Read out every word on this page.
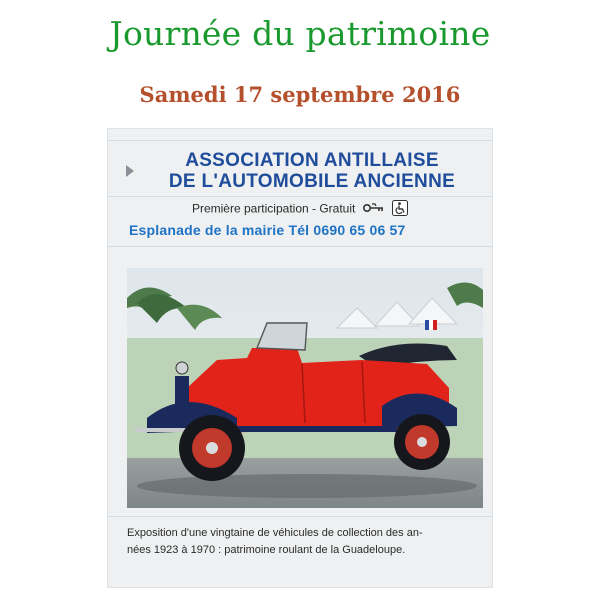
Journée du patrimoine
Samedi 17 septembre 2016
ASSOCIATION ANTILLAISE
DE L'AUTOMOBILE ANCIENNE
Première participation - Gratuit
Esplanade de la mairie Tél 0690 65 06 57
Exposition d'une vingtaine de véhicules de collection des an-
nées 1923 à 1970 : patrimoine roulant de la Guadeloupe.
